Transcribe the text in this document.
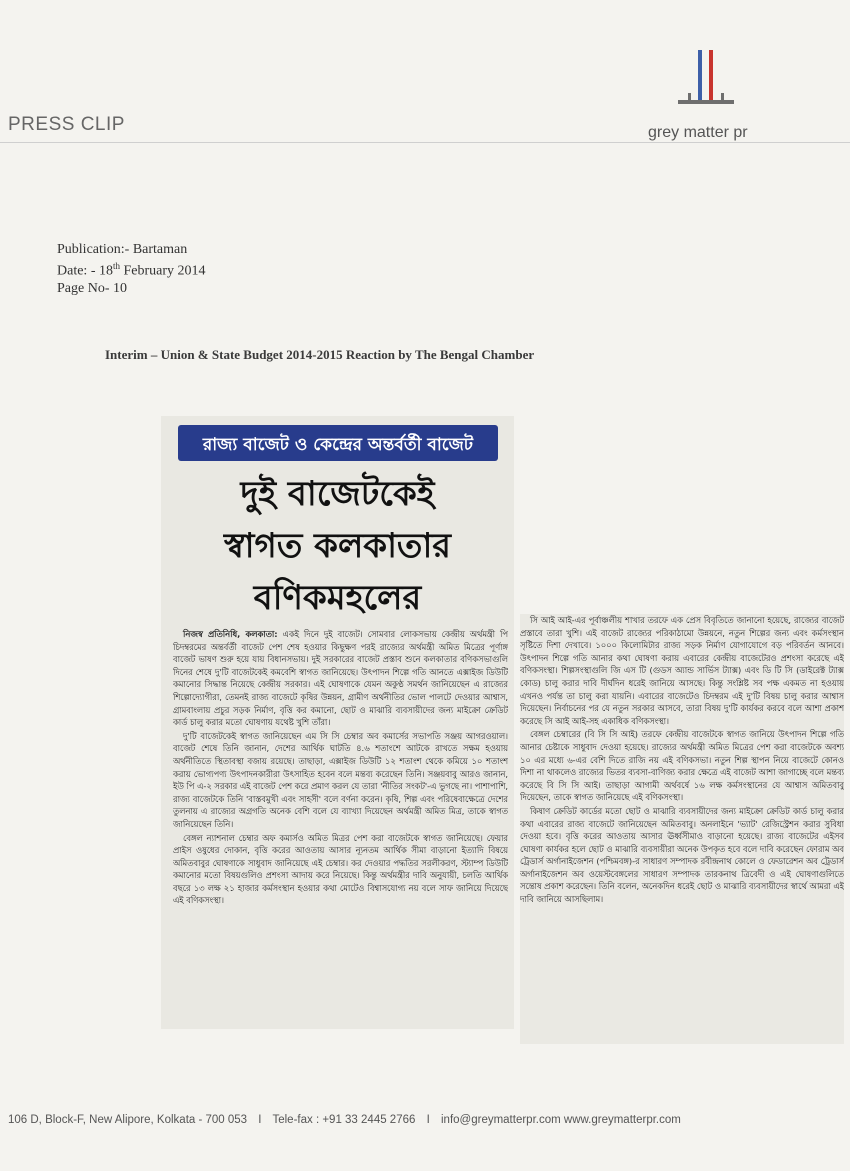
PRESS CLIP	grey matter pr
Publication:- Bartaman
Date: - 18th February 2014
Page No- 10
Interim – Union & State Budget 2014-2015 Reaction by The Bengal Chamber
রাজ্য বাজেট ও কেন্দ্রের অন্তর্বর্তী বাজেট
দুই বাজেটকেই
স্বাগত কলকাতার
বণিকমহলের

নিজস্ব প্রতিনিধি, কলকাতা: একই দিনে দুই বাজেট। সোমবার লোকসভায় কেন্দ্রীয় অর্থমন্ত্রী পি চিদম্বরমের অন্তর্বর্তী বাজেট পেশ শেষ হওয়ার কিছুক্ষণ পরই রাজ্যের অর্থমন্ত্রী অমিত মিত্রের পূর্ণাঙ্গ বাজেট ভাষণ শুরু হয়ে যায় বিধানসভায়। দুই সরকারের বাজেট প্রস্তাব শুনে কলকাতার বণিকসভাগুলি দিনের শেষে দু'টি বাজেটকেই কমবেশি স্বাগত জানিয়েছে। উৎপাদন শিল্পে গতি আনতে এক্সাইজ ডিউটি কমানোর সিদ্ধান্ত নিয়েছে কেন্দ্রীয় সরকার। এই ঘোষণাকে যেমন অকুণ্ঠ সমর্থন জানিয়েছেন এ রাজ্যের শিল্পোদ্যোগীরা, তেমনই রাজ্য বাজেটে কৃষির উন্নয়ন, গ্রামীণ অর্থনীতির ভোল পালটে দেওয়ার আশ্বাস, গ্রামবাংলায় প্রচুর সড়ক নির্মাণ, বৃত্তি কর কমানো, ছোট ও মাঝারি ব্যবসায়ীদের জন্য মাইক্রো ক্রেডিট কার্ড চালু করার মতো ঘোষণায় যথেষ্ট খুশি তাঁরা।

দু'টি বাজেটকেই স্বাগত জানিয়েছেন এম সি সি চেম্বার অব কমার্সের সভাপতি সঞ্জয় আগরওয়াল। বাজেট শেষে তিনি জানান, দেশের আর্থিক ঘাটতি ৪.৬ শতাংশে আটকে রাখতে সক্ষম হওয়ায় অর্থনীতিতে স্থিতাবস্থা বজায় রয়েছে। তাছাড়া, এক্সাইজ ডিউটি ১২ শতাংশ থেকে কমিয়ে ১০ শতাংশ করায় ভোগ্যপণ্য উৎপাদনকারীরা উৎসাহিত হবেন বলে মন্তব্য করেছেন তিনি। সঞ্জয়বাবু আরও জানান, ইউ পি এ-২ সরকার এই বাজেট পেশ করে প্রমাণ করল যে তারা 'নীতির সংকট'-এ ভুগছে না। পাশাপাশি, রাজ্য বাজেটকে তিনি 'বাস্তবমুখী এবং সাহসী' বলে বর্ণনা করেন। কৃষি, শিল্প এবং পরিষেবাক্ষেত্রে দেশের তুলনায় এ রাজ্যের অগ্রগতি অনেক বেশি বলে যে ব্যাখ্যা দিয়েছেন অর্থমন্ত্রী অমিত মিত্র, তাকে স্বাগত জানিয়েছেন তিনি।

বেঙ্গল ন্যাশনাল চেম্বার অফ কমার্সও অমিত মিত্রর পেশ করা বাজেটকে স্বাগত জানিয়েছে। ফেয়ার প্রাইস ওষুধের দোকান, বৃত্তি করের আওতায় আসার ন্যূনতম আর্থিক সীমা বাড়ানো ইত্যাদি বিষয়ে অমিতবাবুর ঘোষণাকে সাধুবাদ জানিয়েছে এই চেম্বার। কর দেওয়ার পদ্ধতির সরলীকরণ, স্ট্যাম্প ডিউটি কমানোর মতো বিষয়গুলিও প্রশংসা আদায় করে নিয়েছে। কিন্তু অর্থমন্ত্রীর দাবি অনুযায়ী, চলতি আর্থিক বছরে ১৩ লক্ষ ২১ হাজার কর্মসংস্থান হওয়ার কথা মোটেও বিশ্বাসযোগ্য নয় বলে সাফ জানিয়ে দিয়েছে এই বণিকসংস্থা।

সি আই আই-এর পূর্বাঞ্চলীয় শাখার তরফে এক প্রেস বিবৃতিতে জানানো হয়েছে, রাজ্যের বাজেট প্রস্তাবে তারা খুশি। এই বাজেট রাজ্যের পরিকাঠামো উন্নয়নে, নতুন শিল্পের জন্য এবং কর্মসংস্থান সৃষ্টিতে দিশা দেখাবে। ১০০০ কিলোমিটার রাজ্য সড়ক নির্মাণ যোগাযোগে বড় পরিবর্তন আনবে। উৎপাদন শিল্পে গতি আনার কথা ঘোষণা করায় এবারের কেন্দ্রীয় বাজেটেরও প্রশংসা করেছে এই বণিকসংস্থা। শিল্পসংস্থাগুলি জি এস টি (গুডস অ্যান্ড সার্ভিস ট্যাক্স) এবং ডি টি সি (ডাইরেক্ট ট্যাক্স কোড) চালু করার দাবি দীর্ঘদিন ধরেই জানিয়ে আসছে। কিন্তু সংশ্লিষ্ট সব পক্ষ একমত না হওয়ায় এখনও পর্যন্ত তা চালু করা যায়নি। এবারের বাজেটেও চিদম্বরম এই দু'টি বিষয় চালু করার আশ্বাস দিয়েছেন। নির্বাচনের পর যে নতুন সরকার আসবে, তারা বিষয় দু'টি কার্যকর করবে বলে আশা প্রকাশ করেছে সি আই আই-সহ একাধিক বণিকসংস্থা।

বেঙ্গল চেম্বারের (বি সি সি আই) তরফে কেন্দ্রীয় বাজেটকে স্বাগত জানিয়ে উৎপাদন শিল্পে গতি আনার চেষ্টাকে সাধুবাদ দেওয়া হয়েছে। রাজ্যের অর্থমন্ত্রী অমিত মিত্রের পেশ করা বাজেটকে অবশ্য ১০ এর মধ্যে ৬-এর বেশি দিতে রাজি নয় এই বণিকসভা। নতুন শিল্প স্থাপন নিয়ে বাজেটে কোনও দিশা না থাকলেও রাজ্যের ভিতর ব্যবসা-বাণিজ্য করার ক্ষেত্রে এই বাজেট আশা জাগাচ্ছে বলে মন্তব্য করেছে বি সি সি আই। তাছাড়া আগামী অর্থবর্ষে ১৬ লক্ষ কর্মসংস্থানের যে আশ্বাস অমিতবাবু দিয়েছেন, তাকে স্বাগত জানিয়েছে এই বণিকসংস্থা।

কিষাণ ক্রেডিট কার্ডের মতো ছোট ও মাঝারি ব্যবসায়ীদের জন্য মাইক্রো ক্রেডিট কার্ড চালু করার কথা এবারের রাজ্য বাজেটে জানিয়েছেন অমিতবাবু। অনলাইনে 'ভ্যাট' রেজিস্ট্রেশন করার সুবিধা দেওয়া হবে। বৃত্তি করের আওতায় আসার ঊর্ধ্বসীমাও বাড়ানো হয়েছে। রাজ্য বাজেটের এইসব ঘোষণা কার্যকর হলে ছোট ও মাঝারি ব্যবসায়ীরা অনেক উপকৃত হবে বলে দাবি করেছেন ফোরাম অব ট্রেডার্স অর্গানাইজেশন (পশ্চিমবঙ্গ)-র সাধারণ সম্পাদক রবীন্দ্রনাথ কোলে ও ফেডারেশন অব ট্রেডার্স অর্গানাইজেশন অব ওয়েস্টবেঙ্গলের সাধারণ সম্পাদক তারকনাথ ত্রিবেদী ও এই ঘোষণাগুলিতে সন্তোষ প্রকাশ করেছেন। তিনি বলেন, অনেকদিন ধরেই ছোট ও মাঝারি ব্যবসায়ীদের স্বার্থে আমরা এই দাবি জানিয়ে আসছিলাম।

106 D, Block-F, New Alipore, Kolkata - 700 053 I Tele-fax : +91 33 2445 2766 I info@greymatterpr.com www.greymatterpr.com
